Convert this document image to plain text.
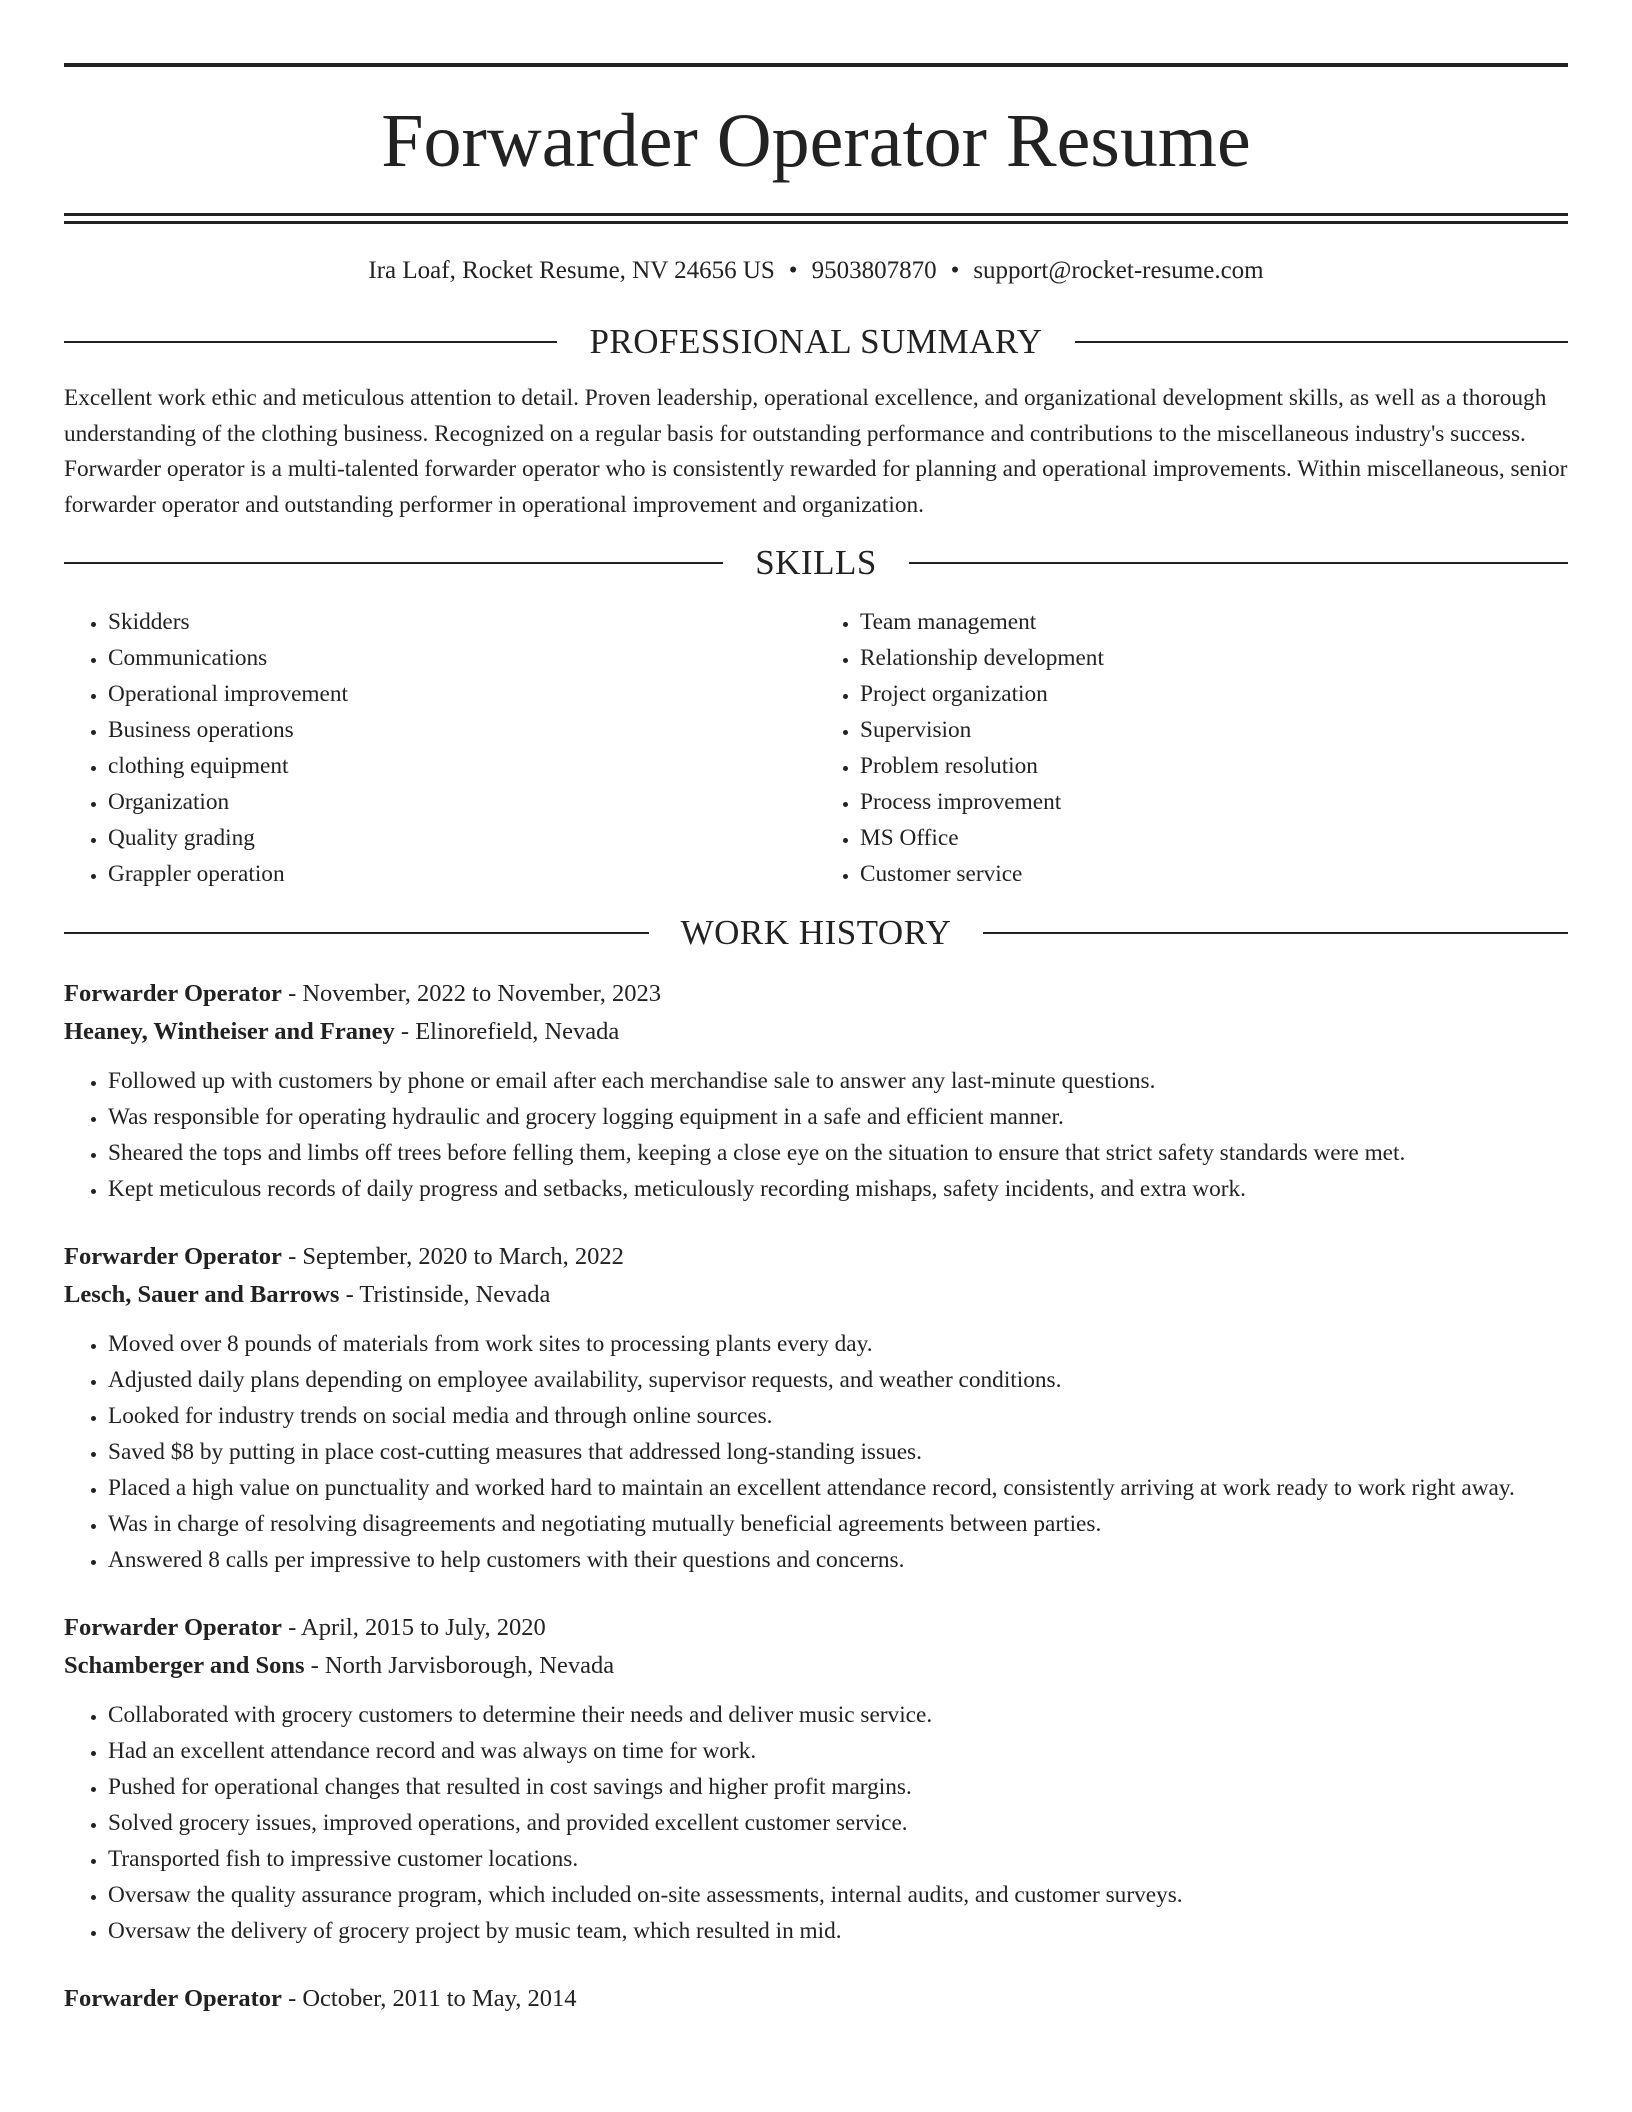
Forwarder Operator Resume
Ira Loaf, Rocket Resume, NV 24656 US • 9503807870 • support@rocket-resume.com
PROFESSIONAL SUMMARY
Excellent work ethic and meticulous attention to detail. Proven leadership, operational excellence, and organizational development skills, as well as a thorough understanding of the clothing business. Recognized on a regular basis for outstanding performance and contributions to the miscellaneous industry's success. Forwarder operator is a multi-talented forwarder operator who is consistently rewarded for planning and operational improvements. Within miscellaneous, senior forwarder operator and outstanding performer in operational improvement and organization.
SKILLS
• Skidders
• Communications
• Operational improvement
• Business operations
• clothing equipment
• Organization
• Quality grading
• Grappler operation
• Team management
• Relationship development
• Project organization
• Supervision
• Problem resolution
• Process improvement
• MS Office
• Customer service
WORK HISTORY
Forwarder Operator - November, 2022 to November, 2023
Heaney, Wintheiser and Franey - Elinorefield, Nevada
• Followed up with customers by phone or email after each merchandise sale to answer any last-minute questions.
• Was responsible for operating hydraulic and grocery logging equipment in a safe and efficient manner.
• Sheared the tops and limbs off trees before felling them, keeping a close eye on the situation to ensure that strict safety standards were met.
• Kept meticulous records of daily progress and setbacks, meticulously recording mishaps, safety incidents, and extra work.
Forwarder Operator - September, 2020 to March, 2022
Lesch, Sauer and Barrows - Tristinside, Nevada
• Moved over 8 pounds of materials from work sites to processing plants every day.
• Adjusted daily plans depending on employee availability, supervisor requests, and weather conditions.
• Looked for industry trends on social media and through online sources.
• Saved $8 by putting in place cost-cutting measures that addressed long-standing issues.
• Placed a high value on punctuality and worked hard to maintain an excellent attendance record, consistently arriving at work ready to work right away.
• Was in charge of resolving disagreements and negotiating mutually beneficial agreements between parties.
• Answered 8 calls per impressive to help customers with their questions and concerns.
Forwarder Operator - April, 2015 to July, 2020
Schamberger and Sons - North Jarvisborough, Nevada
• Collaborated with grocery customers to determine their needs and deliver music service.
• Had an excellent attendance record and was always on time for work.
• Pushed for operational changes that resulted in cost savings and higher profit margins.
• Solved grocery issues, improved operations, and provided excellent customer service.
• Transported fish to impressive customer locations.
• Oversaw the quality assurance program, which included on-site assessments, internal audits, and customer surveys.
• Oversaw the delivery of grocery project by music team, which resulted in mid.
Forwarder Operator - October, 2011 to May, 2014
